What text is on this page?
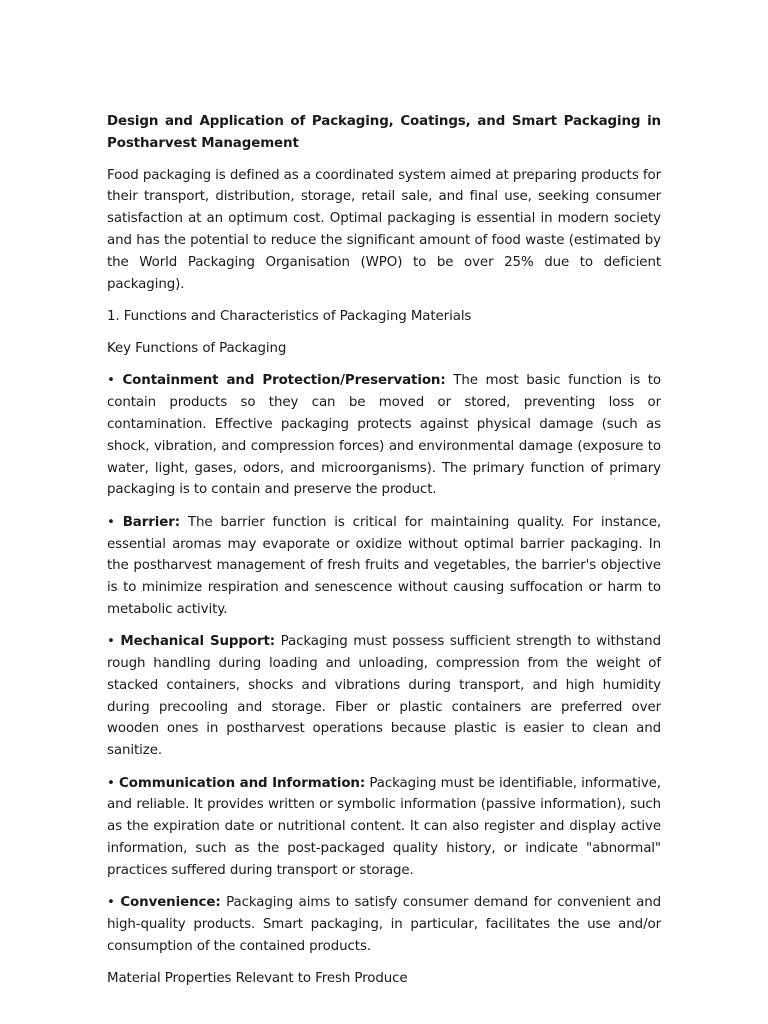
Design and Application of Packaging, Coatings, and Smart Packaging in Postharvest Management

Food packaging is defined as a coordinated system aimed at preparing products for their transport, distribution, storage, retail sale, and final use, seeking consumer satisfaction at an optimum cost. Optimal packaging is essential in modern society and has the potential to reduce the significant amount of food waste (estimated by the World Packaging Organisation (WPO) to be over 25% due to deficient packaging).

1. Functions and Characteristics of Packaging Materials

Key Functions of Packaging

• Containment and Protection/Preservation: The most basic function is to contain products so they can be moved or stored, preventing loss or contamination. Effective packaging protects against physical damage (such as shock, vibration, and compression forces) and environmental damage (exposure to water, light, gases, odors, and microorganisms). The primary function of primary packaging is to contain and preserve the product.

• Barrier: The barrier function is critical for maintaining quality. For instance, essential aromas may evaporate or oxidize without optimal barrier packaging. In the postharvest management of fresh fruits and vegetables, the barrier's objective is to minimize respiration and senescence without causing suffocation or harm to metabolic activity.

• Mechanical Support: Packaging must possess sufficient strength to withstand rough handling during loading and unloading, compression from the weight of stacked containers, shocks and vibrations during transport, and high humidity during precooling and storage. Fiber or plastic containers are preferred over wooden ones in postharvest operations because plastic is easier to clean and sanitize.

• Communication and Information: Packaging must be identifiable, informative, and reliable. It provides written or symbolic information (passive information), such as the expiration date or nutritional content. It can also register and display active information, such as the post-packaged quality history, or indicate "abnormal" practices suffered during transport or storage.

• Convenience: Packaging aims to satisfy consumer demand for convenient and high-quality products. Smart packaging, in particular, facilitates the use and/or consumption of the contained products.

Material Properties Relevant to Fresh Produce
